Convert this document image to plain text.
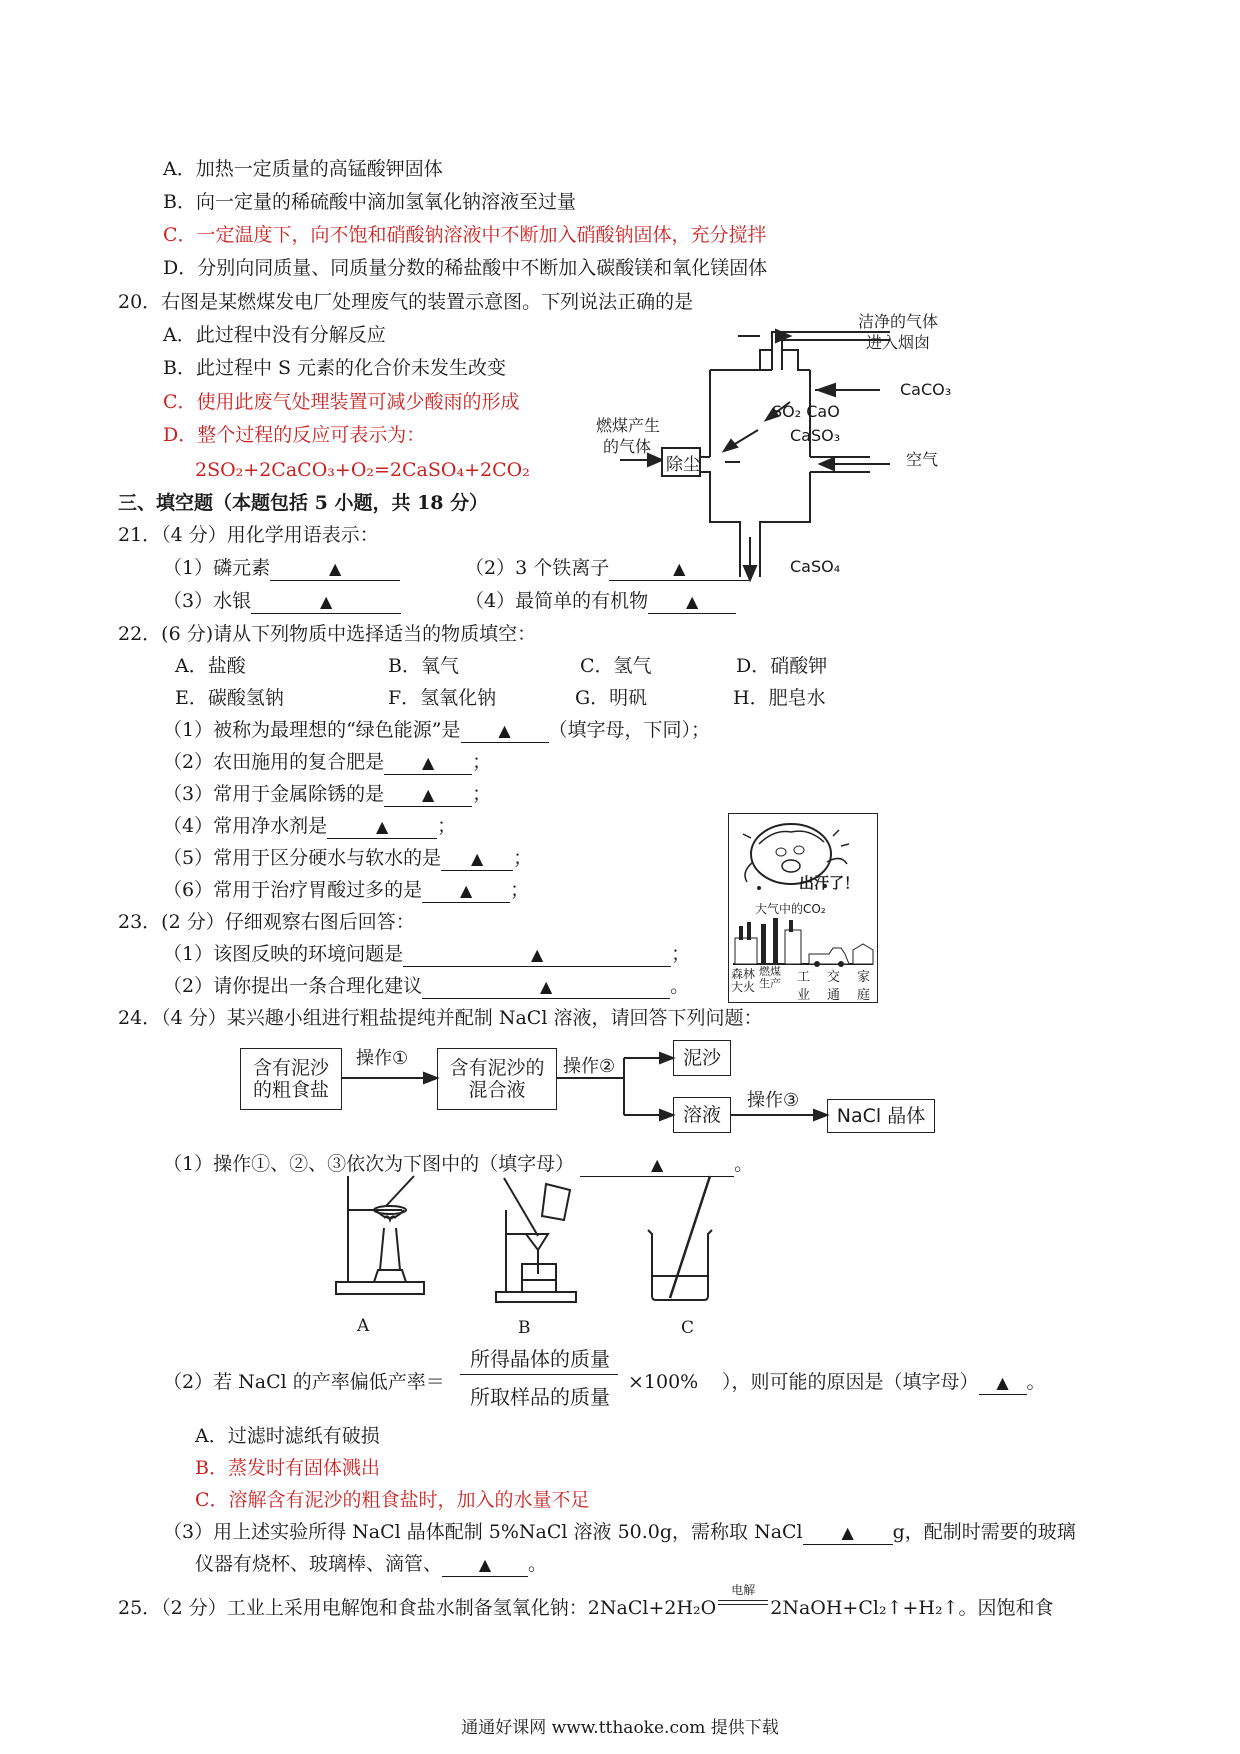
A．加热一定质量的高锰酸钾固体
B．向一定量的稀硫酸中滴加氢氧化钠溶液至过量
C．一定温度下，向不饱和硝酸钠溶液中不断加入硝酸钠固体，充分搅拌
D．分别向同质量、同质量分数的稀盐酸中不断加入碳酸镁和氧化镁固体
20．右图是某燃煤发电厂处理废气的装置示意图。下列说法正确的是
A．此过程中没有分解反应
B．此过程中 S 元素的化合价未发生改变
C．使用此废气处理装置可减少酸雨的形成
D．整个过程的反应可表示为：
2SO₂+2CaCO₃+O₂=2CaSO₄+2CO₂
洁净的气体
进入烟囱
CaCO₃
SO₂ CaO
CaSO₃
燃煤产生
的气体
除尘	空气
CaSO₄
三、填空题（本题包括 5 小题，共 18 分）
21．（4 分）用化学用语表示：
（1）磷元素	▲	（2）3 个铁离子	▲
（3）水银	▲	（4）最简单的有机物 ▲
22．(6 分)请从下列物质中选择适当的物质填空：
A．盐酸	B．氧气	C．氢气	D．硝酸钾
E．碳酸氢钠	F．氢氧化钠	G．明矾	H．肥皂水
（1）被称为最理想的“绿色能源”是 ▲ （填字母，下同）；
（2）农田施用的复合肥是 ▲ ；
（3）常用于金属除锈的是 ▲ ；
（4）常用净水剂是	▲	；
（5）常用于区分硬水与软水的是 ▲ ；
（6）常用于治疗胃酸过多的是 ▲ ；	出汗了！
大气中的CO₂
森林大火
燃煤生产 工 交 家
业 通 庭
23．(2 分）仔细观察右图后回答：
（1）该图反映的环境问题是	▲	；
（2）请你提出一条合理化建议	▲	。
24．（4 分）某兴趣小组进行粗盐提纯并配制 NaCl 溶液，请回答下列问题：
含有泥沙
的粗食盐
操作① 含有泥沙的
混合液
操作②	泥沙
溶液
操作③
NaCl 晶体
（1）操作①、②、③依次为下图中的（填字母）	▲	。
A	B	C
（2）若 NaCl 的产率偏低产率＝
所得晶体的质量
所取样品的质量
×100% ），则可能的原因是（填字母） ▲ 。
A．过滤时滤纸有破损
B．蒸发时有固体溅出
C．溶解含有泥沙的粗食盐时，加入的水量不足
（3）用上述实验所得 NaCl 晶体配制 5%NaCl 溶液 50.0g，需称取 NaCl ▲ g，配制时需要的玻璃
仪器有烧杯、玻璃棒、滴管、 ▲ 。
25．（2 分）工业上采用电解饱和食盐水制备氢氧化钠：2NaCl+2H₂O
电解
2NaOH+Cl₂↑+H₂↑。因饱和食
通通好课网 www.tthaoke.com 提供下载
